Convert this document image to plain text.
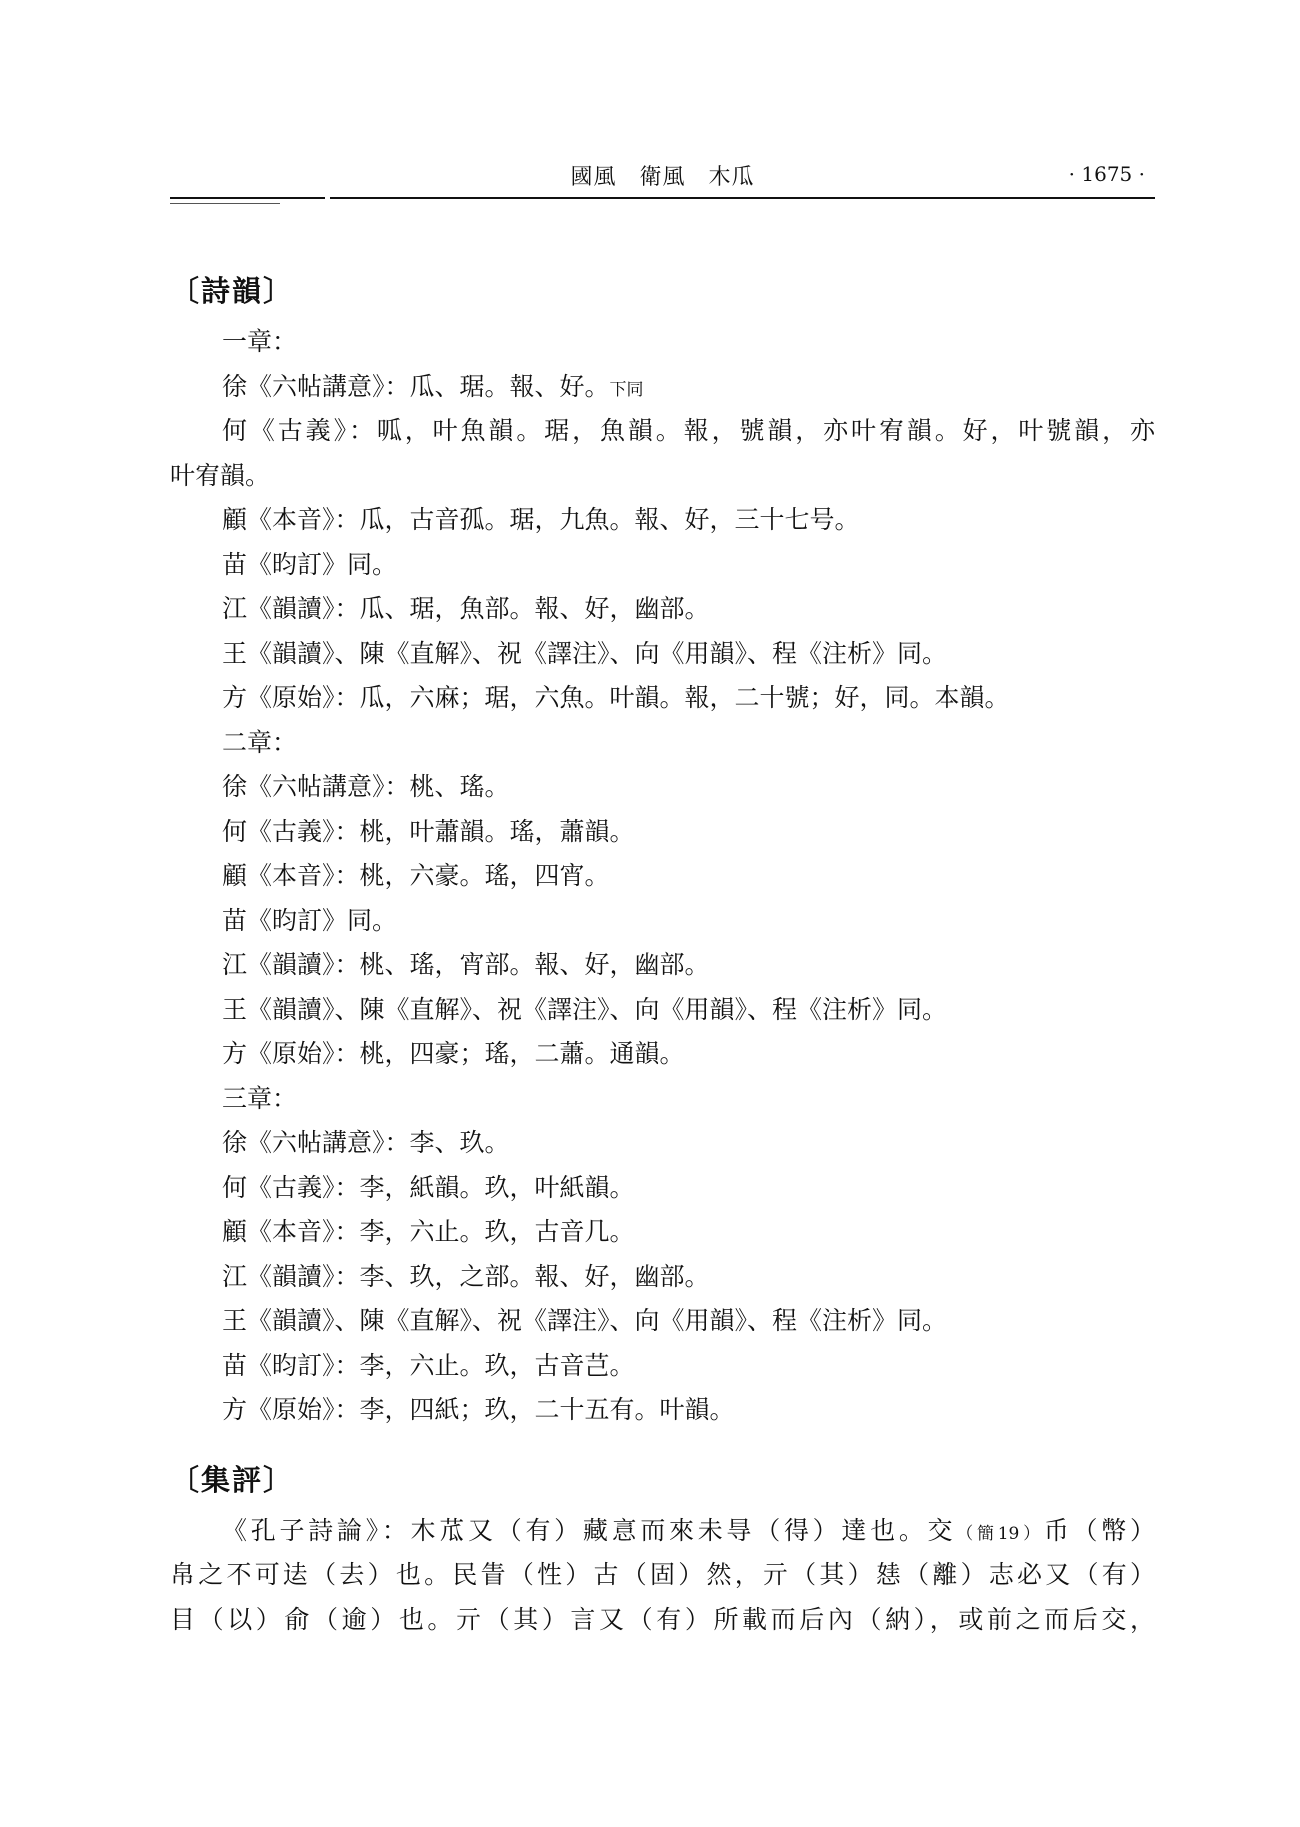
國風　衛風　木瓜	· 1675 ·
〔詩韻〕
一章：
徐《六帖講意》：瓜、琚。報、好。下同
何《古義》：呱，叶魚韻。琚，魚韻。報，號韻，亦叶宥韻。好，叶號韻，亦
叶宥韻。
顧《本音》：瓜，古音孤。琚，九魚。報、好，三十七号。
苗《昀訂》同。
江《韻讀》：瓜、琚，魚部。報、好，幽部。
王《韻讀》、陳《直解》、祝《譯注》、向《用韻》、程《注析》同。
方《原始》：瓜，六麻；琚，六魚。叶韻。報，二十號；好，同。本韻。
二章：
徐《六帖講意》：桃、瑤。
何《古義》：桃，叶蕭韻。瑤，蕭韻。
顧《本音》：桃，六豪。瑤，四宵。
苗《昀訂》同。
江《韻讀》：桃、瑤，宵部。報、好，幽部。
王《韻讀》、陳《直解》、祝《譯注》、向《用韻》、程《注析》同。
方《原始》：桃，四豪；瑤，二蕭。通韻。
三章：
徐《六帖講意》：李、玖。
何《古義》：李，紙韻。玖，叶紙韻。
顧《本音》：李，六止。玖，古音几。
江《韻讀》：李、玖，之部。報、好，幽部。
王《韻讀》、陳《直解》、祝《譯注》、向《用韻》、程《注析》同。
苗《昀訂》：李，六止。玖，古音芑。
方《原始》：李，四紙；玖，二十五有。叶韻。
〔集評〕
《孔子詩論》：木苽又（有）藏悥而來未㝵（得）達也。交（簡19）币（幣）
帛之不可迲（去）也。民眚（性）古（固）然，亓（其）㥨（離）志必又（有）
目（以）俞（逾）也。亓（其）言又（有）所載而后內（納），或前之而后交，
